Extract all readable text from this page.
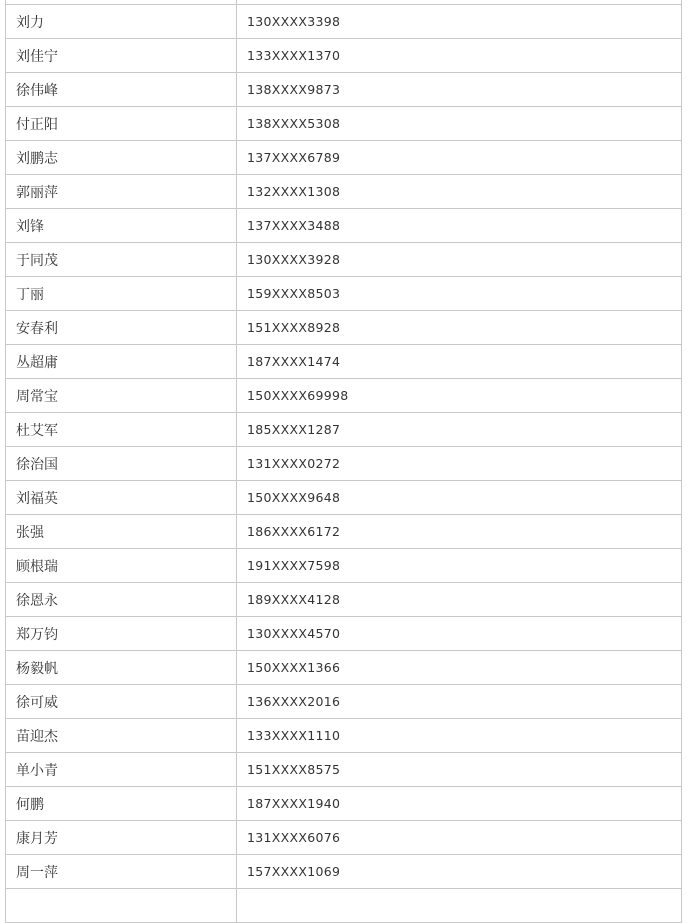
刘力	130XXXX3398
刘佳宁	133XXXX1370
徐伟峰	138XXXX9873
付正阳	138XXXX5308
刘鹏志	137XXXX6789
郭丽萍	132XXXX1308
刘锋	137XXXX3488
于同茂	130XXXX3928
丁丽	159XXXX8503
安春利	151XXXX8928
丛超庸	187XXXX1474
周常宝	150XXXX69998
杜艾军	185XXXX1287
徐治国	131XXXX0272
刘福英	150XXXX9648
张强	186XXXX6172
顾根瑞	191XXXX7598
徐恩永	189XXXX4128
郑万钧	130XXXX4570
杨毅帆	150XXXX1366
徐可威	136XXXX2016
苗迎杰	133XXXX1110
单小青	151XXXX8575
何鹏	187XXXX1940
康月芳	131XXXX6076
周一萍	157XXXX1069
